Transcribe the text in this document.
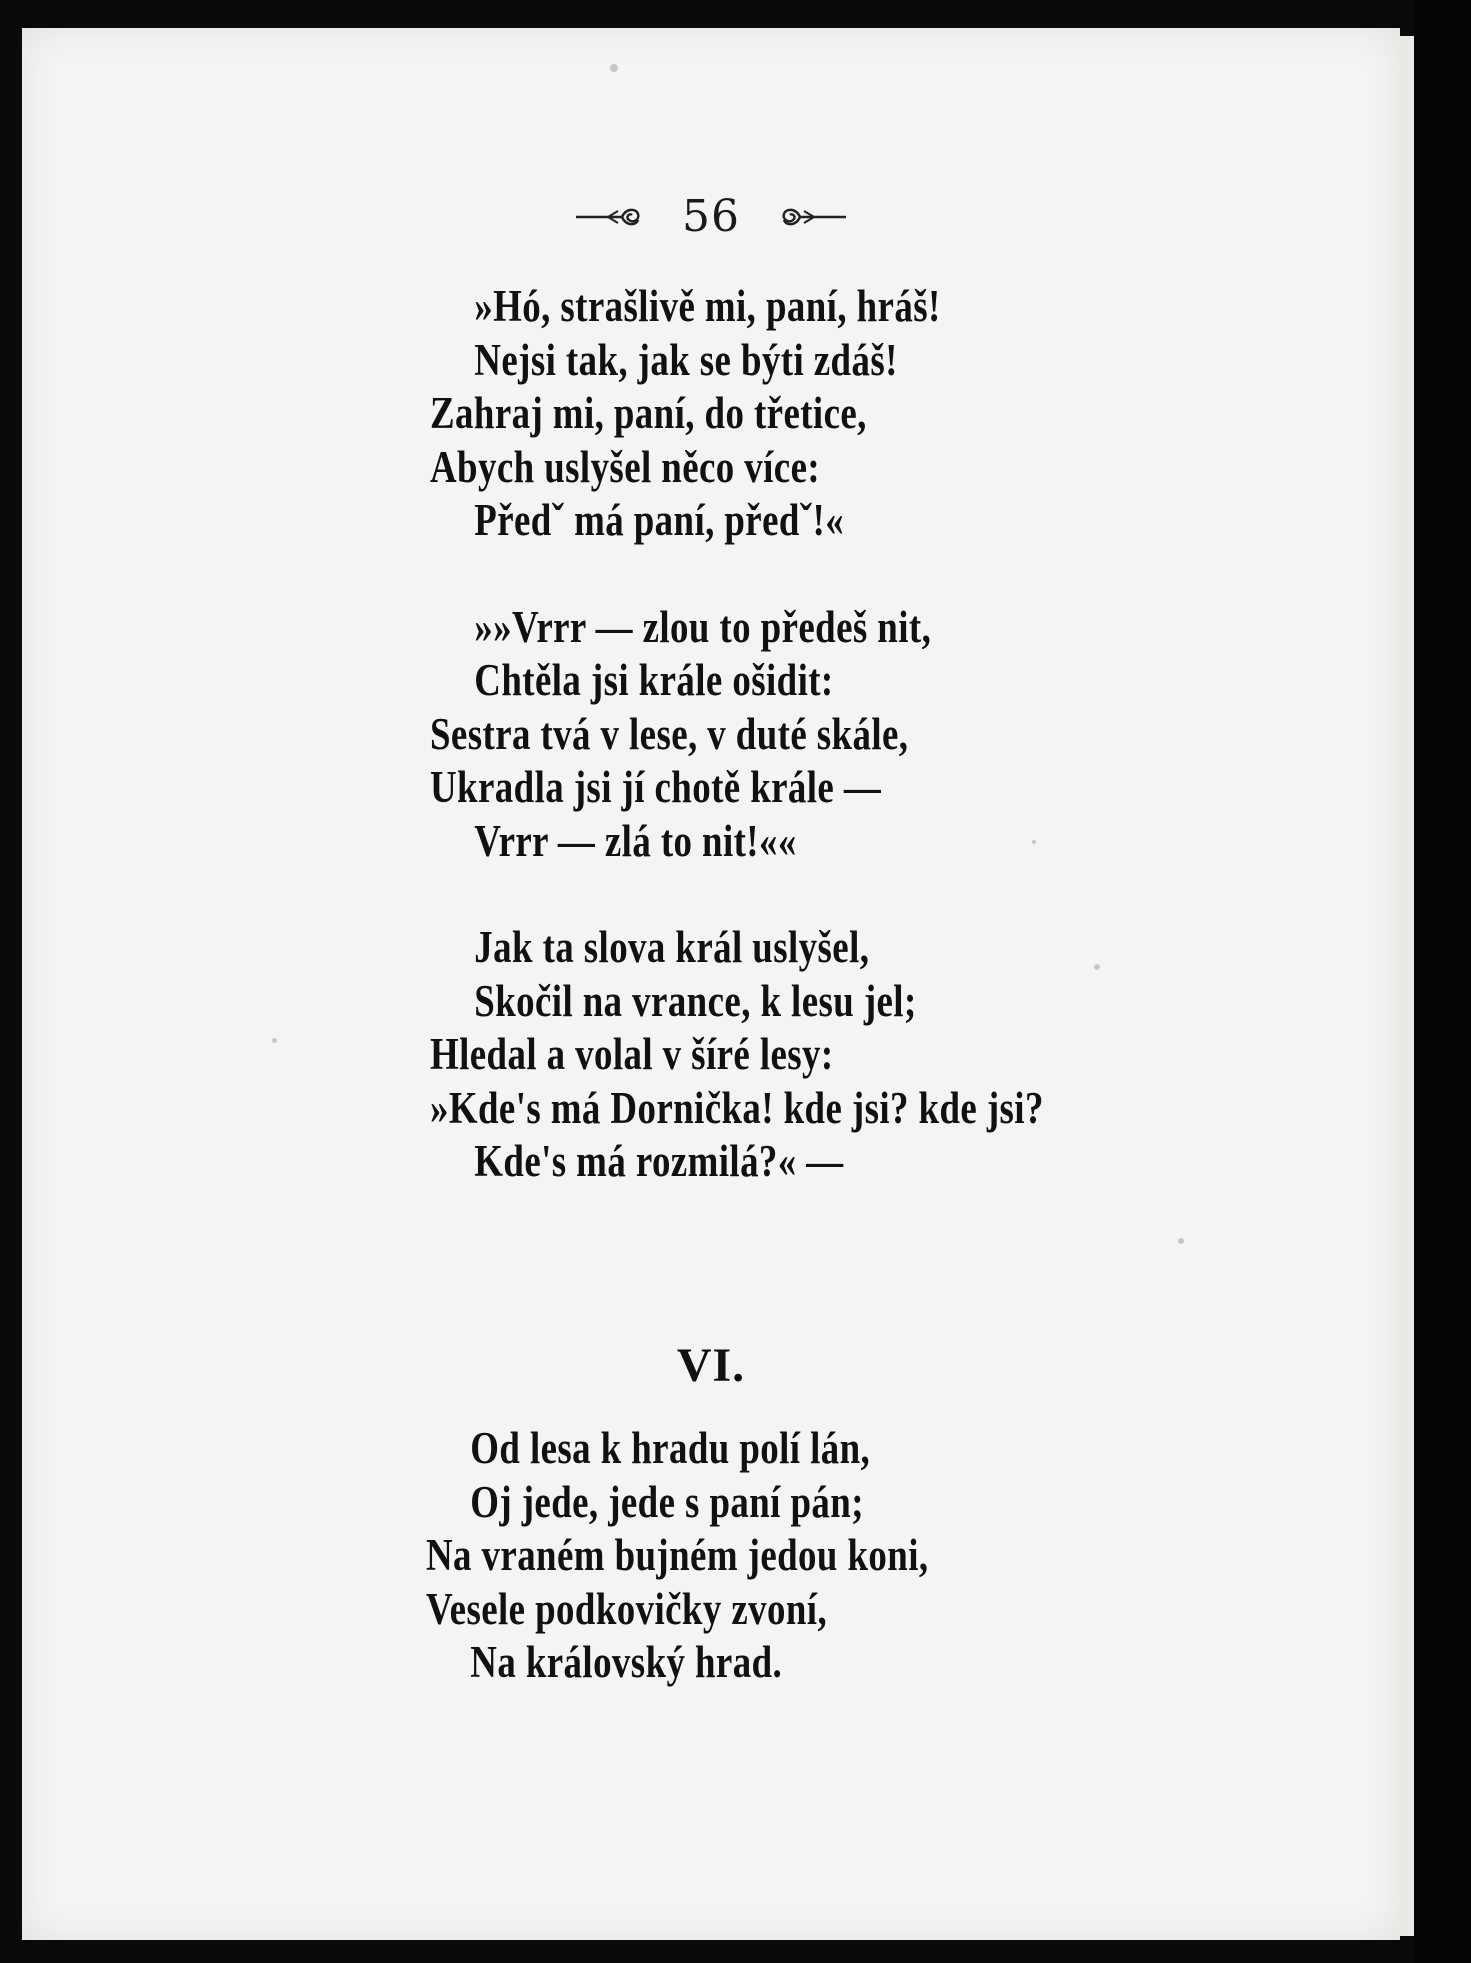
56
»Hó, strašlivě mi, paní, hráš!
Nejsi tak, jak se býti zdáš!
Zahraj mi, paní, do třetice,
Abych uslyšel něco více:
Předˇ má paní, předˇ!«
»»Vrrr — zlou to předeš nit,
Chtěla jsi krále ošidit:
Sestra tvá v lese, v duté skále,
Ukradla jsi jí chotě krále —
Vrrr — zlá to nit!««
Jak ta slova král uslyšel,
Skočil na vrance, k lesu jel;
Hledal a volal v šíré lesy:
»Kde's má Dornička! kde jsi? kde jsi?
Kde's má rozmilá?« —
VI.
Od lesa k hradu polí lán,
Oj jede, jede s paní pán;
Na vraném bujném jedou koni,
Vesele podkovičky zvoní,
Na královský hrad.
